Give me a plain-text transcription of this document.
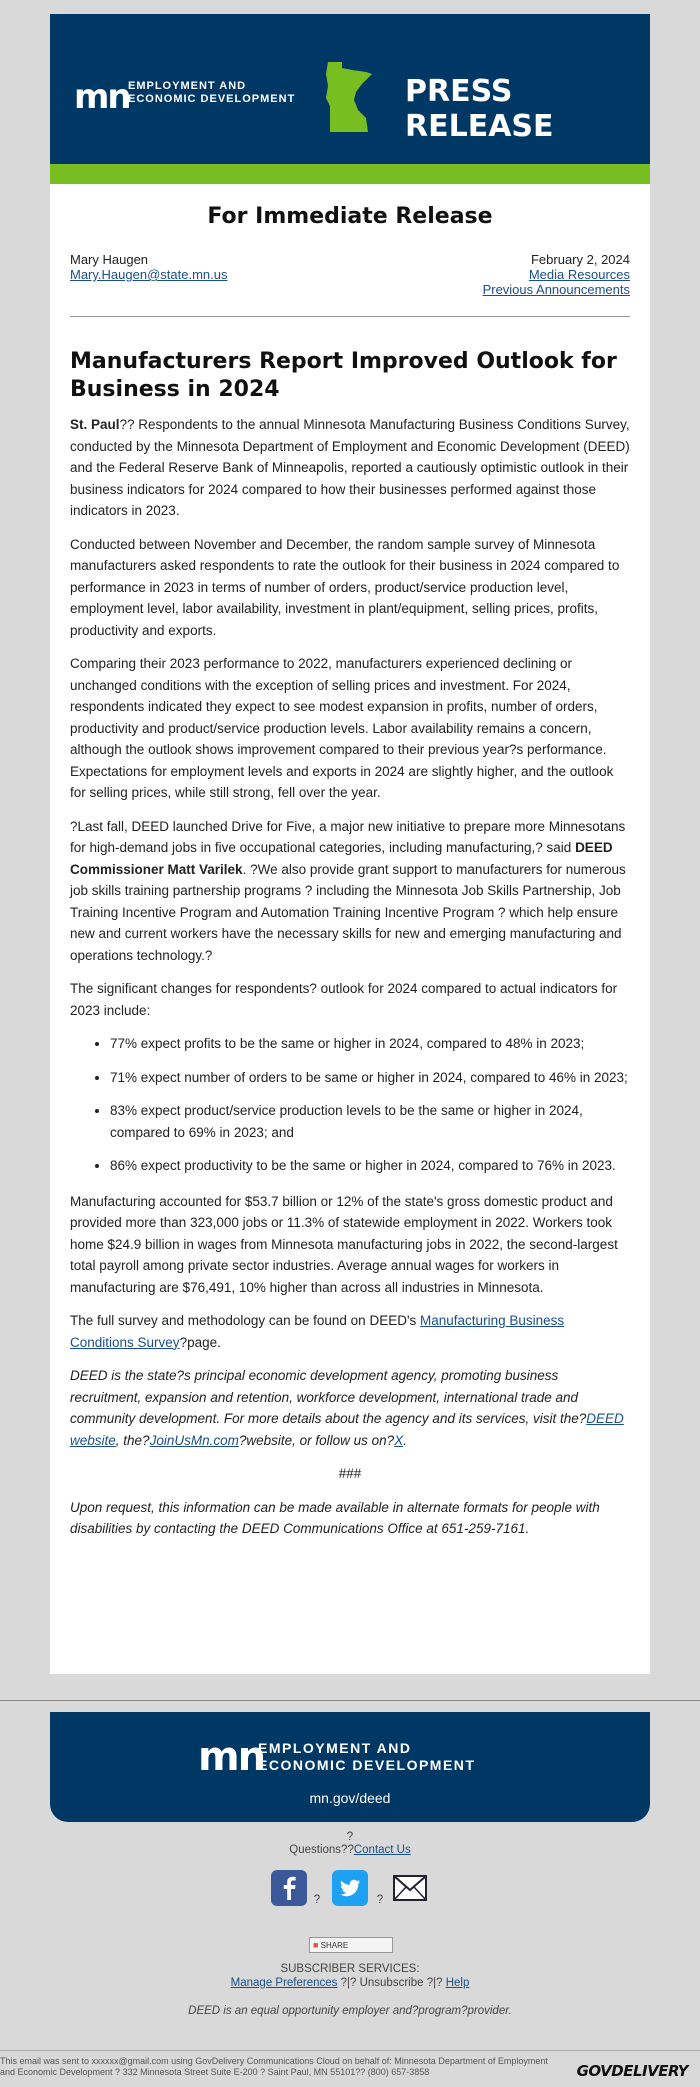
mn
EMPLOYMENT AND
ECONOMIC DEVELOPMENT	PRESS RELEASE
For Immediate Release
Mary Haugen
Mary.Haugen@state.mn.us
February 2, 2024
Media Resources
Previous Announcements
Manufacturers Report Improved Outlook for Business in 2024

St. Paul?? Respondents to the annual Minnesota Manufacturing Business Conditions Survey, conducted by the Minnesota Department of Employment and Economic Development (DEED) and the Federal Reserve Bank of Minneapolis, reported a cautiously optimistic outlook in their business indicators for 2024 compared to how their businesses performed against those indicators in 2023.

Conducted between November and December, the random sample survey of Minnesota manufacturers asked respondents to rate the outlook for their business in 2024 compared to performance in 2023 in terms of number of orders, product/service production level, employment level, labor availability, investment in plant/equipment, selling prices, profits, productivity and exports.

Comparing their 2023 performance to 2022, manufacturers experienced declining or unchanged conditions with the exception of selling prices and investment. For 2024, respondents indicated they expect to see modest expansion in profits, number of orders, productivity and product/service production levels. Labor availability remains a concern, although the outlook shows improvement compared to their previous year?s performance. Expectations for employment levels and exports in 2024 are slightly higher, and the outlook for selling prices, while still strong, fell over the year.

?Last fall, DEED launched Drive for Five, a major new initiative to prepare more Minnesotans for high-demand jobs in five occupational categories, including manufacturing,? said DEED Commissioner Matt Varilek. ?We also provide grant support to manufacturers for numerous job skills training partnership programs ? including the Minnesota Job Skills Partnership, Job Training Incentive Program and Automation Training Incentive Program ? which help ensure new and current workers have the necessary skills for new and emerging manufacturing and operations technology.?

The significant changes for respondents? outlook for 2024 compared to actual indicators for 2023 include:

• 77% expect profits to be the same or higher in 2024, compared to 48% in 2023;
• 71% expect number of orders to be same or higher in 2024, compared to 46% in 2023;
• 83% expect product/service production levels to be the same or higher in 2024, compared to 69% in 2023; and
• 86% expect productivity to be the same or higher in 2024, compared to 76% in 2023.

Manufacturing accounted for $53.7 billion or 12% of the state's gross domestic product and provided more than 323,000 jobs or 11.3% of statewide employment in 2022. Workers took home $24.9 billion in wages from Minnesota manufacturing jobs in 2022, the second-largest total payroll among private sector industries. Average annual wages for workers in manufacturing are $76,491, 10% higher than across all industries in Minnesota.

The full survey and methodology can be found on DEED's Manufacturing Business Conditions Survey?page.

DEED is the state?s principal economic development agency, promoting business recruitment, expansion and retention, workforce development, international trade and community development. For more details about the agency and its services, visit the?DEED website, the?JoinUsMn.com?website, or follow us on?X.

###

Upon request, this information can be made available in alternate formats for people with disabilities by contacting the DEED Communications Office at 651-259-7161.

mn
EMPLOYMENT AND
ECONOMIC DEVELOPMENT
mn.gov/deed
?
Questions??Contact Us
?	?
■ SHARE
SUBSCRIBER SERVICES:
Manage Preferences ?|? Unsubscribe ?|? Help
DEED is an equal opportunity employer and?program?provider.
This email was sent to xxxxxx@gmail.com using GovDelivery Communications Cloud on behalf of: Minnesota Department of Employment and Economic Development ? 332 Minnesota Street Suite E-200 ? Saint Paul, MN 55101?? (800) 657-3858	GOVDELIVERY
